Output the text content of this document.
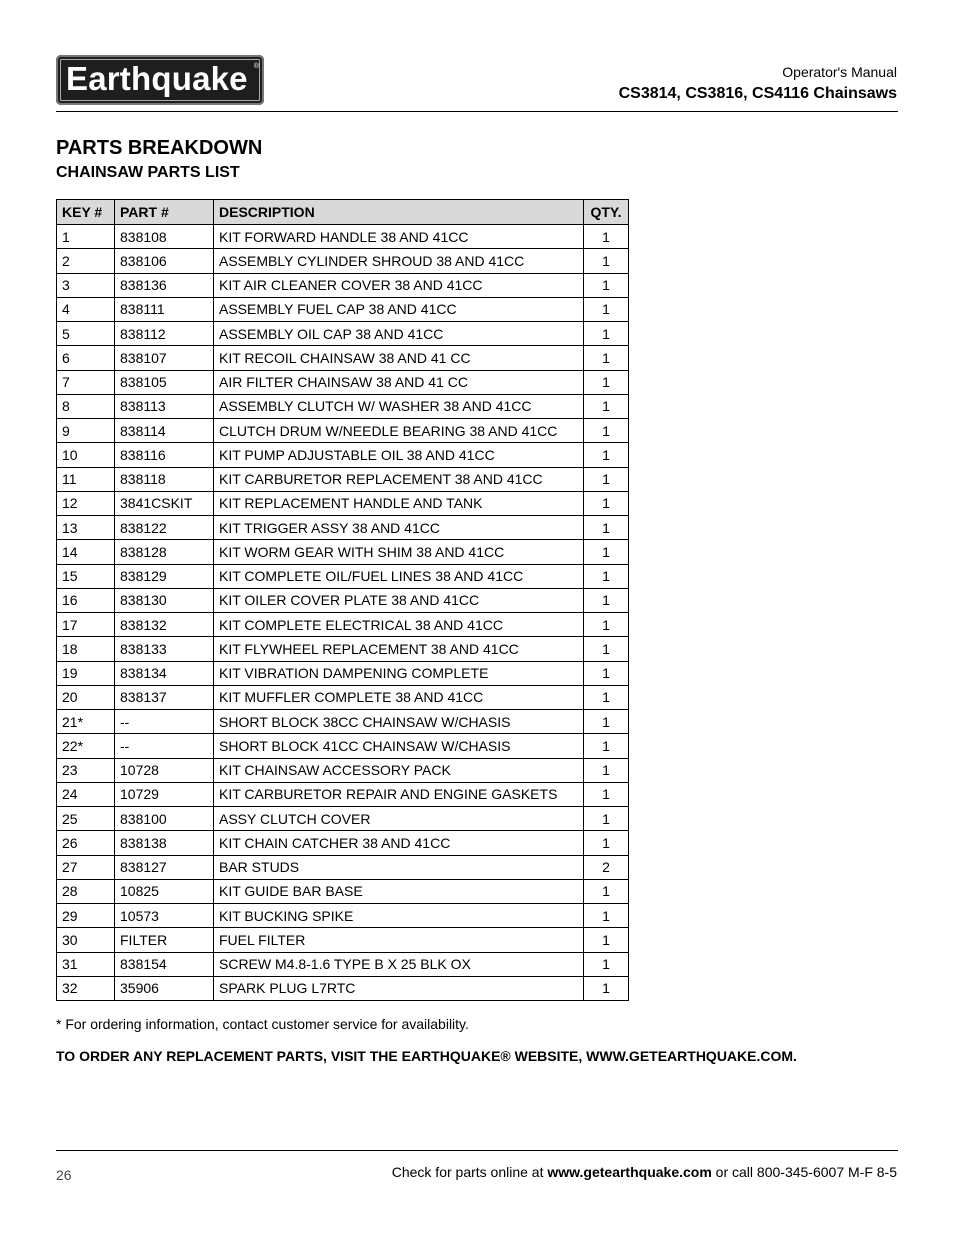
Earthquake ®	Operator's Manual
CS3814, CS3816, CS4116 Chainsaws
PARTS BREAKDOWN
CHAINSAW PARTS LIST
KEY #	PART #	DESCRIPTION	QTY.
1	838108	KIT FORWARD HANDLE 38 AND 41CC	1
2	838106	ASSEMBLY CYLINDER SHROUD 38 AND 41CC	1
3	838136	KIT AIR CLEANER COVER 38 AND 41CC	1
4	838111	ASSEMBLY FUEL CAP 38 AND 41CC	1
5	838112	ASSEMBLY OIL CAP 38 AND 41CC	1
6	838107	KIT RECOIL CHAINSAW 38 AND 41 CC	1
7	838105	AIR FILTER CHAINSAW 38 AND 41 CC	1
8	838113	ASSEMBLY CLUTCH W/ WASHER 38 AND 41CC	1
9	838114	CLUTCH DRUM W/NEEDLE BEARING 38 AND 41CC	1
10	838116	KIT PUMP ADJUSTABLE OIL 38 AND 41CC	1
11	838118	KIT CARBURETOR REPLACEMENT 38 AND 41CC	1
12	3841CSKIT	KIT REPLACEMENT HANDLE AND TANK	1
13	838122	KIT TRIGGER ASSY 38 AND 41CC	1
14	838128	KIT WORM GEAR WITH SHIM 38 AND 41CC	1
15	838129	KIT COMPLETE OIL/FUEL LINES 38 AND 41CC	1
16	838130	KIT OILER COVER PLATE 38 AND 41CC	1
17	838132	KIT COMPLETE ELECTRICAL 38 AND 41CC	1
18	838133	KIT FLYWHEEL REPLACEMENT 38 AND 41CC	1
19	838134	KIT VIBRATION DAMPENING COMPLETE	1
20	838137	KIT MUFFLER COMPLETE 38 AND 41CC	1
21*	--	SHORT BLOCK 38CC CHAINSAW W/CHASIS	1
22*	--	SHORT BLOCK 41CC CHAINSAW W/CHASIS	1
23	10728	KIT CHAINSAW ACCESSORY PACK	1
24	10729	KIT CARBURETOR REPAIR AND ENGINE GASKETS	1
25	838100	ASSY CLUTCH COVER	1
26	838138	KIT CHAIN CATCHER 38 AND 41CC	1
27	838127	BAR STUDS	2
28	10825	KIT GUIDE BAR BASE	1
29	10573	KIT BUCKING SPIKE	1
30	FILTER	FUEL FILTER	1
31	838154	SCREW M4.8-1.6 TYPE B X 25 BLK OX	1
32	35906	SPARK PLUG L7RTC	1
* For ordering information, contact customer service for availability.
TO ORDER ANY REPLACEMENT PARTS, VISIT THE EARTHQUAKE® WEBSITE, WWW.GETEARTHQUAKE.COM.
26	Check for parts online at www.getearthquake.com or call 800-345-6007 M-F 8-5
